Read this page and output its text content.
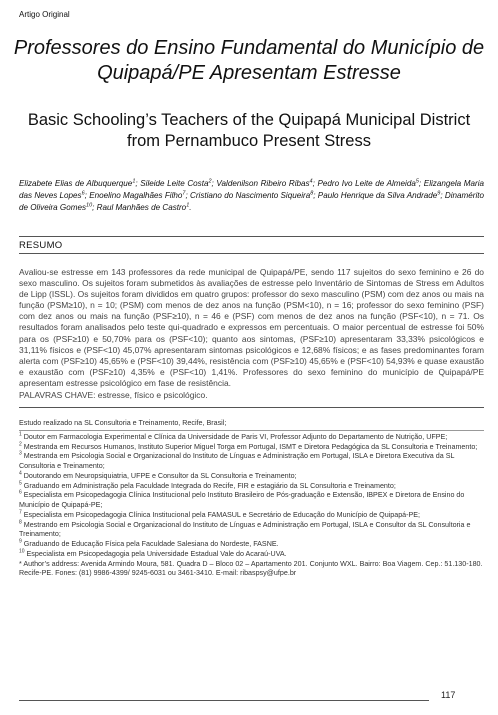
Artigo Original
Professores do Ensino Fundamental do Município de Quipapá/PE Apresentam Estresse
Basic Schooling’s Teachers of the Quipapá Municipal District from Pernambuco Present Stress
Elizabete Elias de Albuquerque$^1$; Sileide Leite Costa$^2$; Valdenilson Ribeiro Ribas$^4$; Pedro Ivo Leite de Almeida$^5$; Elizangela Maria das Neves Lopes$^6$; Enoelino Magalhães Filho$^7$; Cristiano do Nascimento Siqueira$^8$; Paulo Henrique da Silva Andrade$^9$; Dinamérito de Oliveira Gomes$^{10}$; Raul Manhães de Castro$^1$.
RESUMO
Avaliou-se estresse em 143 professores da rede municipal de Quipapá/PE, sendo 117 sujeitos do sexo feminino e 26 do sexo masculino. Os sujeitos foram submetidos às avaliações de estresse pelo Inventário de Sintomas de Stress em Adultos de Lipp (ISSL). Os sujeitos foram divididos em quatro grupos: professor do sexo masculino (PSM) com dez anos ou mais na função (PSM≥10), n = 10; (PSM) com menos de dez anos na função (PSM<10), n = 16; professor do sexo feminino (PSF) com dez anos ou mais na função (PSF≥10), n = 46 e (PSF) com menos de dez anos na função (PSF<10), n = 71. Os resultados foram analisados pelo teste qui-quadrado e expressos em percentuais. O maior percentual de estresse foi 50% para os (PSF≥10) e 50,70% para os (PSF<10); quanto aos sintomas, (PSF≥10) apresentaram 33,33% psicológicos e 31,11% físicos e (PSF<10) 45,07% apresentaram sintomas psicológicos e 12,68% físicos; e as fases predominantes foram alerta com (PSF≥10) 45,65% e (PSF<10) 39,44%, resistência com (PSF≥10) 45,65% e (PSF<10) 54,93% e quase exaustão e exaustão com (PSF≥10) 4,35% e (PSF<10) 1,41%. Professores do sexo feminino do município de Quipapá/PE apresentam estresse psicológico em fase de resistência.
PALAVRAS CHAVE: estresse, físico e psicológico.

Estudo realizado na SL Consultoria e Treinamento, Recife, Brasil;

$^1$ Doutor em Farmacologia Experimental e Clínica da Universidade de Paris VI, Professor Adjunto do Departamento de Nutrição, UFPE;

$^2$ Mestranda em Recursos Humanos, Instituto Superior Miguel Torga em Portugal, ISMT e Diretora Pedagógica da SL Consultoria e Treinamento;

$^3$ Mestranda em Psicologia Social e Organizacional do Instituto de Línguas e Administração em Portugal, ISLA e Diretora Executiva da SL Consultoria e Treinamento;

$^4$ Doutorando em Neuropsiquiatria, UFPE e Consultor da SL Consultoria e Treinamento;

$^5$ Graduando em Administração pela Faculdade Integrada do Recife, FIR e estagiário da SL Consultoria e Treinamento;

$^6$ Especialista em Psicopedagogia Clínica Institucional pelo Instituto Brasileiro de Pós-graduação e Extensão, IBPEX e Diretora de Ensino do Município de Quipapá-PE;

$^7$ Especialista em Psicopedagogia Clínica Institucional pela FAMASUL e Secretário de Educação do Município de Quipapá-PE;

$^8$ Mestrando em Psicologia Social e Organizacional do Instituto de Línguas e Administração em Portugal, ISLA e Consultor da SL Consultoria e Treinamento;

$^9$ Graduando de Educação Física pela Faculdade Salesiana do Nordeste, FASNE.

$^{10}$ Especialista em Psicopedagogia pela Universidade Estadual Vale do Acaraú-UVA.

* Author’s address: Avenida Armindo Moura, 581. Quadra D – Bloco 02 – Apartamento 201. Conjunto WXL. Bairro: Boa Viagem. Cep.: 51.130-180. Recife-PE. Fones: (81) 9986-4399/ 9245-6031 ou 3461-3410. E-mail: ribaspsy@ufpe.br

117
